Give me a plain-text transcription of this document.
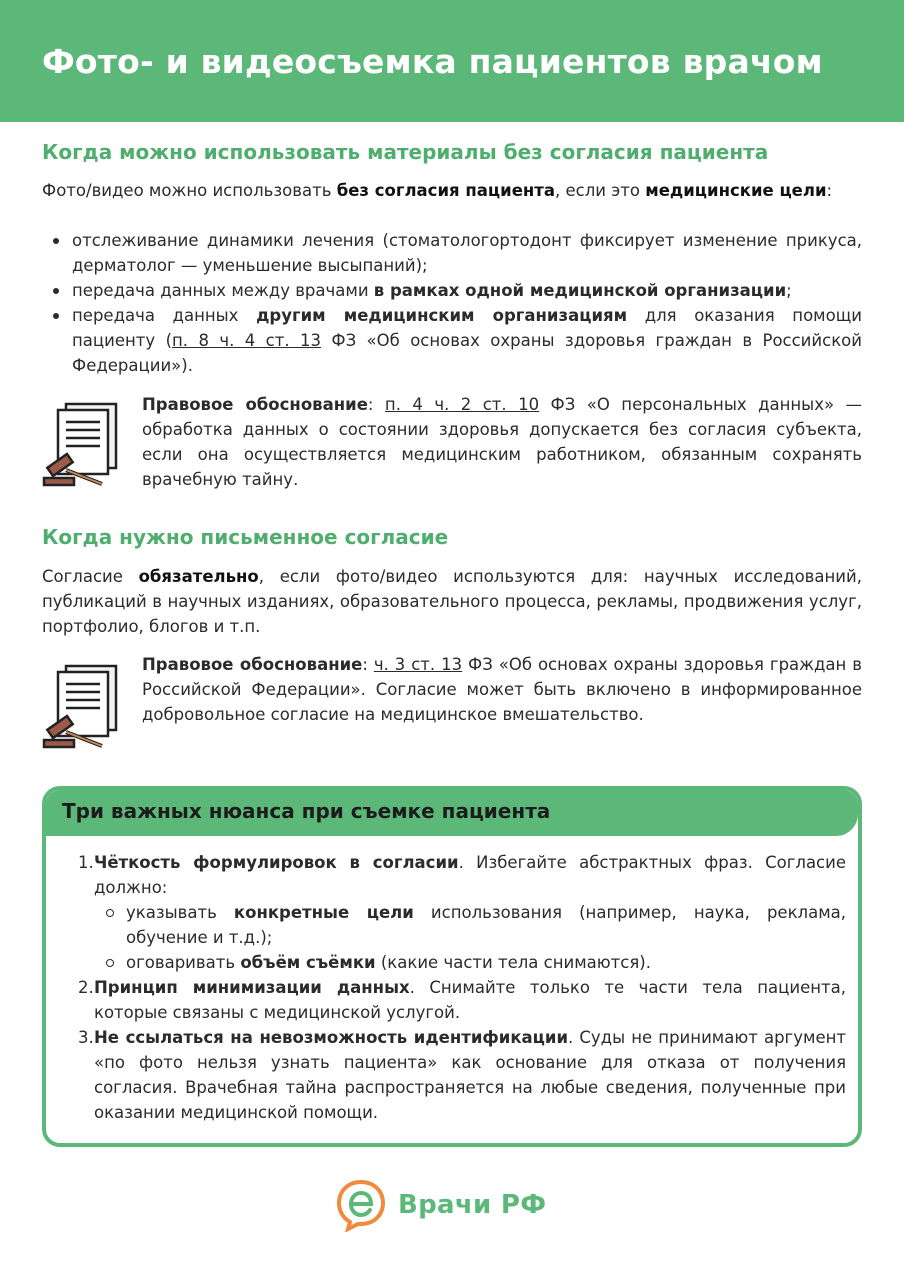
Фото- и видеосъемка пациентов врачом
Когда можно использовать материалы без согласия пациента

Фото/видео можно использовать без согласия пациента, если это медицинские цели:

отслеживание динамики лечения (стоматологортодонт фиксирует изменение прикуса, дерматолог — уменьшение высыпаний);
передача данных между врачами в рамках одной медицинской организации;
передача данных другим медицинским организациям для оказания помощи пациенту (п. 8 ч. 4 ст. 13 ФЗ «Об основах охраны здоровья граждан в Российской Федерации»).

Правовое обоснование: п. 4 ч. 2 ст. 10 ФЗ «О персональных данных» — обработка данных о состоянии здоровья допускается без согласия субъекта, если она осуществляется медицинским работником, обязанным сохранять врачебную тайну.

Когда нужно письменное согласие

Согласие обязательно, если фото/видео используются для: научных исследований, публикаций в научных изданиях, образовательного процесса, рекламы, продвижения услуг, портфолио, блогов и т.п.

Правовое обоснование: ч. 3 ст. 13 ФЗ «Об основах охраны здоровья граждан в Российской Федерации». Согласие может быть включено в информированное добровольное согласие на медицинское вмешательство.

Три важных нюанса при съемке пациента
1. Чёткость формулировок в согласии. Избегайте абстрактных фраз. Согласие должно:
указывать конкретные цели использования (например, наука, реклама, обучение и т.д.);
оговаривать объём съёмки (какие части тела снимаются).
2. Принцип минимизации данных. Снимайте только те части тела пациента, которые связаны с медицинской услугой.
3. Не ссылаться на невозможность идентификации. Суды не принимают аргумент «по фото нельзя узнать пациента» как основание для отказа от получения согласия. Врачебная тайна распространяется на любые сведения, полученные при оказании медицинской помощи.
Врачи РФ
